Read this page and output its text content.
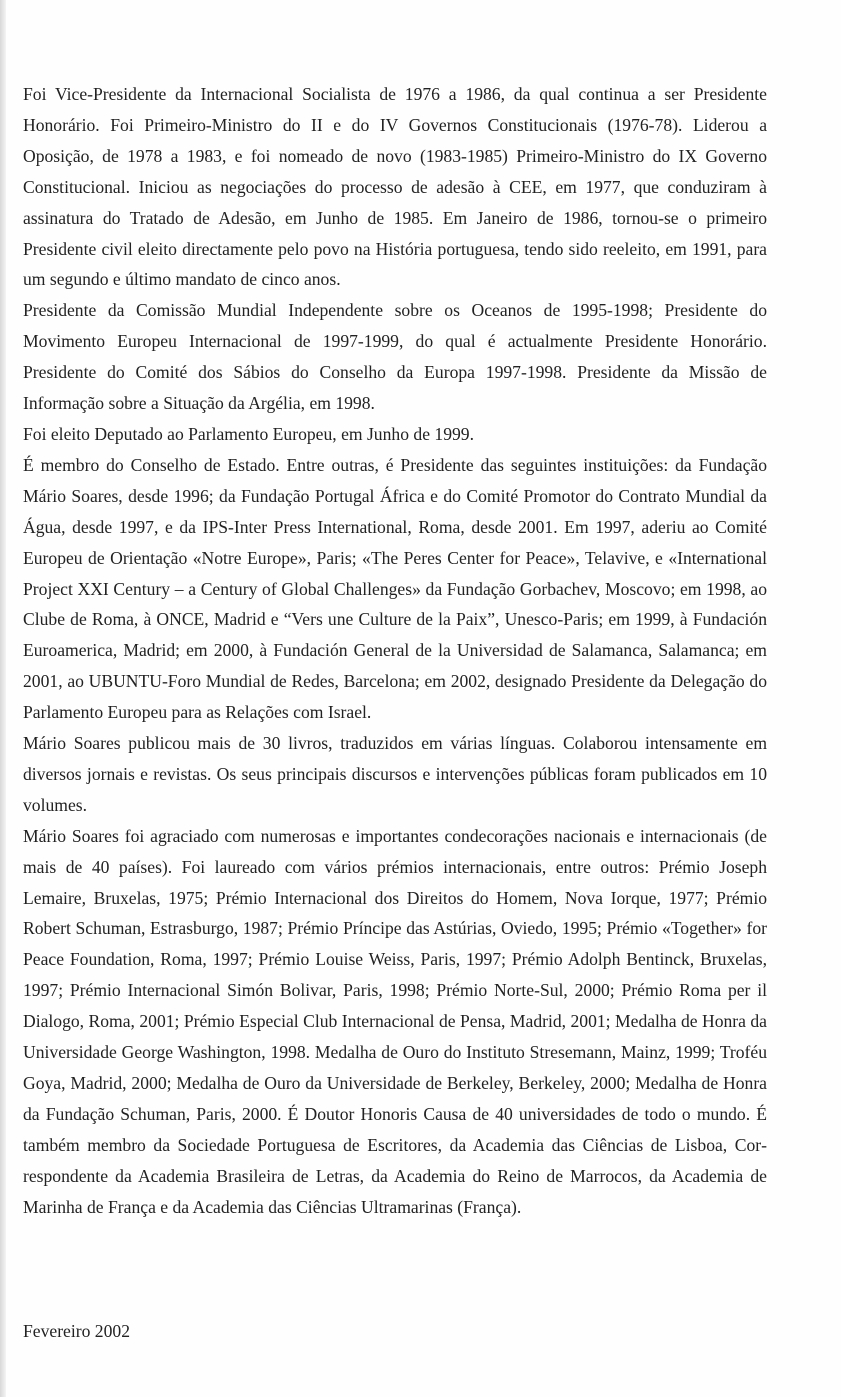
Foi Vice-Presidente da Internacional Socialista de 1976 a 1986, da qual continua a ser Presidente Honorário. Foi Primeiro-Ministro do II e do IV Governos Constitucionais (1976-78). Liderou a Oposição, de 1978 a 1983, e foi nomeado de novo (1983-1985) Primeiro-Ministro do IX Governo Constitucional. Iniciou as negociações do processo de adesão à CEE, em 1977, que conduziram à assinatura do Tratado de Adesão, em Junho de 1985. Em Janeiro de 1986, tornou-se o primeiro Presidente civil eleito directamente pelo povo na História portuguesa, tendo sido reeleito, em 1991, para um segundo e último mandato de cinco anos.

Presidente da Comissão Mundial Independente sobre os Oceanos de 1995-1998; Presidente do Movimento Europeu Internacional de 1997-1999, do qual é actualmente Presidente Honorário. Presidente do Comité dos Sábios do Conselho da Europa 1997-1998. Presidente da Missão de Informação sobre a Situação da Argélia, em 1998.

Foi eleito Deputado ao Parlamento Europeu, em Junho de 1999.

É membro do Conselho de Estado. Entre outras, é Presidente das seguintes instituições: da Fundação Mário Soares, desde 1996; da Fundação Portugal África e do Comité Promotor do Contrato Mundial da Água, desde 1997, e da IPS-Inter Press International, Roma, desde 2001. Em 1997, aderiu ao Comité Europeu de Orientação «Notre Europe», Paris; «The Peres Center for Peace», Telavive, e «International Project XXI Century – a Century of Global Challenges» da Fundação Gorbachev, Moscovo; em 1998, ao Clube de Roma, à ONCE, Madrid e “Vers une Culture de la Paix”, Unesco-Paris; em 1999, à Fundación Euroamerica, Madrid; em 2000, à Fundación General de la Universidad de Salamanca, Salamanca; em 2001, ao UBUNTU-Foro Mundial de Redes, Barcelona; em 2002, designado Presidente da Delegação do Parlamento Europeu para as Relações com Israel.

Mário Soares publicou mais de 30 livros, traduzidos em várias línguas. Colaborou intensamente em diversos jornais e revistas. Os seus principais discursos e intervenções públicas foram publicados em 10 volumes.

Mário Soares foi agraciado com numerosas e importantes condecorações nacionais e internacionais (de mais de 40 países). Foi laureado com vários prémios internacionais, entre outros: Prémio Joseph Lemaire, Bruxelas, 1975; Prémio Internacional dos Direitos do Homem, Nova Iorque, 1977; Prémio Robert Schuman, Estrasburgo, 1987; Prémio Príncipe das Astúrias, Oviedo, 1995; Prémio «Together» for Peace Foundation, Roma, 1997; Prémio Louise Weiss, Paris, 1997; Prémio Adolph Bentinck, Bruxelas, 1997; Prémio Internacional Simón Bolivar, Paris, 1998; Prémio Norte-Sul, 2000; Prémio Roma per il Dialogo, Roma, 2001; Prémio Especial Club Internacional de Pensa, Madrid, 2001; Medalha de Honra da Universidade George Washington, 1998. Medalha de Ouro do Instituto Stresemann, Mainz, 1999; Troféu Goya, Madrid, 2000; Medalha de Ouro da Universidade de Berkeley, Berkeley, 2000; Medalha de Honra da Fundação Schuman, Paris, 2000. É Doutor Honoris Causa de 40 universidades de todo o mundo. É também membro da Sociedade Portuguesa de Escritores, da Academia das Ciências de Lisboa, Correspondente da Academia Brasileira de Letras, da Academia do Reino de Marrocos, da Academia de Marinha de França e da Academia das Ciências Ultramarinas (França).

Fevereiro 2002
